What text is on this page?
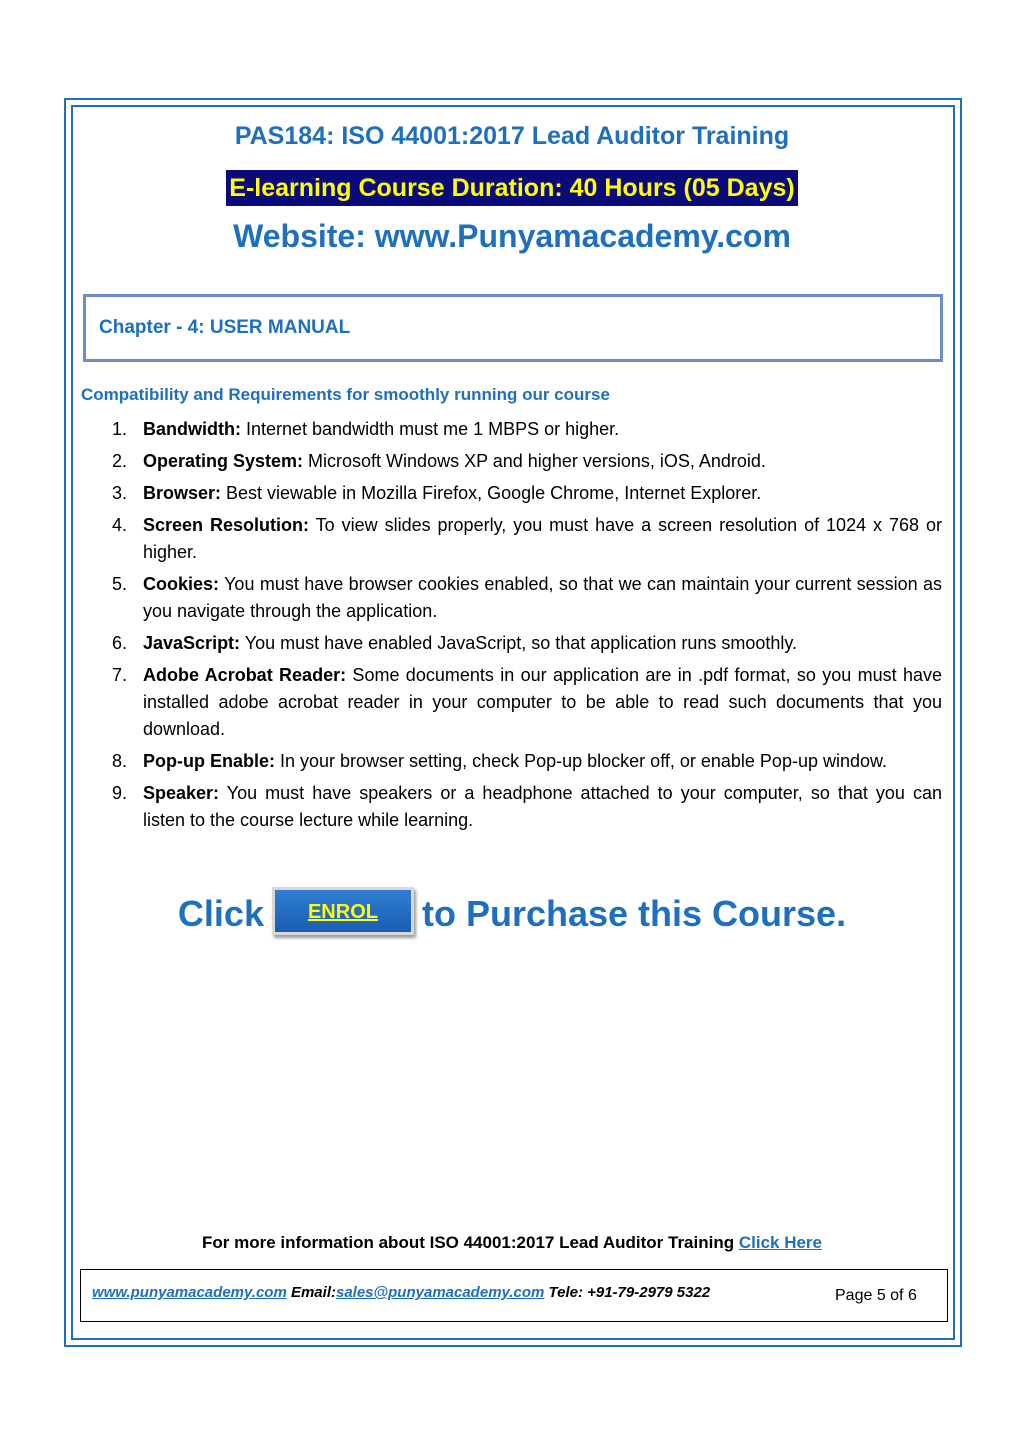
PAS184: ISO 44001:2017 Lead Auditor Training
E-learning Course Duration: 40 Hours (05 Days)
Website: www.Punyamacademy.com
Chapter - 4: USER MANUAL
Compatibility and Requirements for smoothly running our course
1. Bandwidth: Internet bandwidth must me 1 MBPS or higher.
2. Operating System: Microsoft Windows XP and higher versions, iOS, Android.
3. Browser: Best viewable in Mozilla Firefox, Google Chrome, Internet Explorer.
4. Screen Resolution: To view slides properly, you must have a screen resolution of 1024 x 768 or higher.
5. Cookies: You must have browser cookies enabled, so that we can maintain your current session as you navigate through the application.
6. JavaScript: You must have enabled JavaScript, so that application runs smoothly.
7. Adobe Acrobat Reader: Some documents in our application are in .pdf format, so you must have installed adobe acrobat reader in your computer to be able to read such documents that you download.
8. Pop-up Enable: In your browser setting, check Pop-up blocker off, or enable Pop-up window.
9. Speaker: You must have speakers or a headphone attached to your computer, so that you can listen to the course lecture while learning.
Click	ENROL	to Purchase this Course.
For more information about ISO 44001:2017 Lead Auditor Training Click Here
www.punyamacademy.com Email:sales@punyamacademy.com Tele: +91-79-2979 5322	Page 5 of 6
